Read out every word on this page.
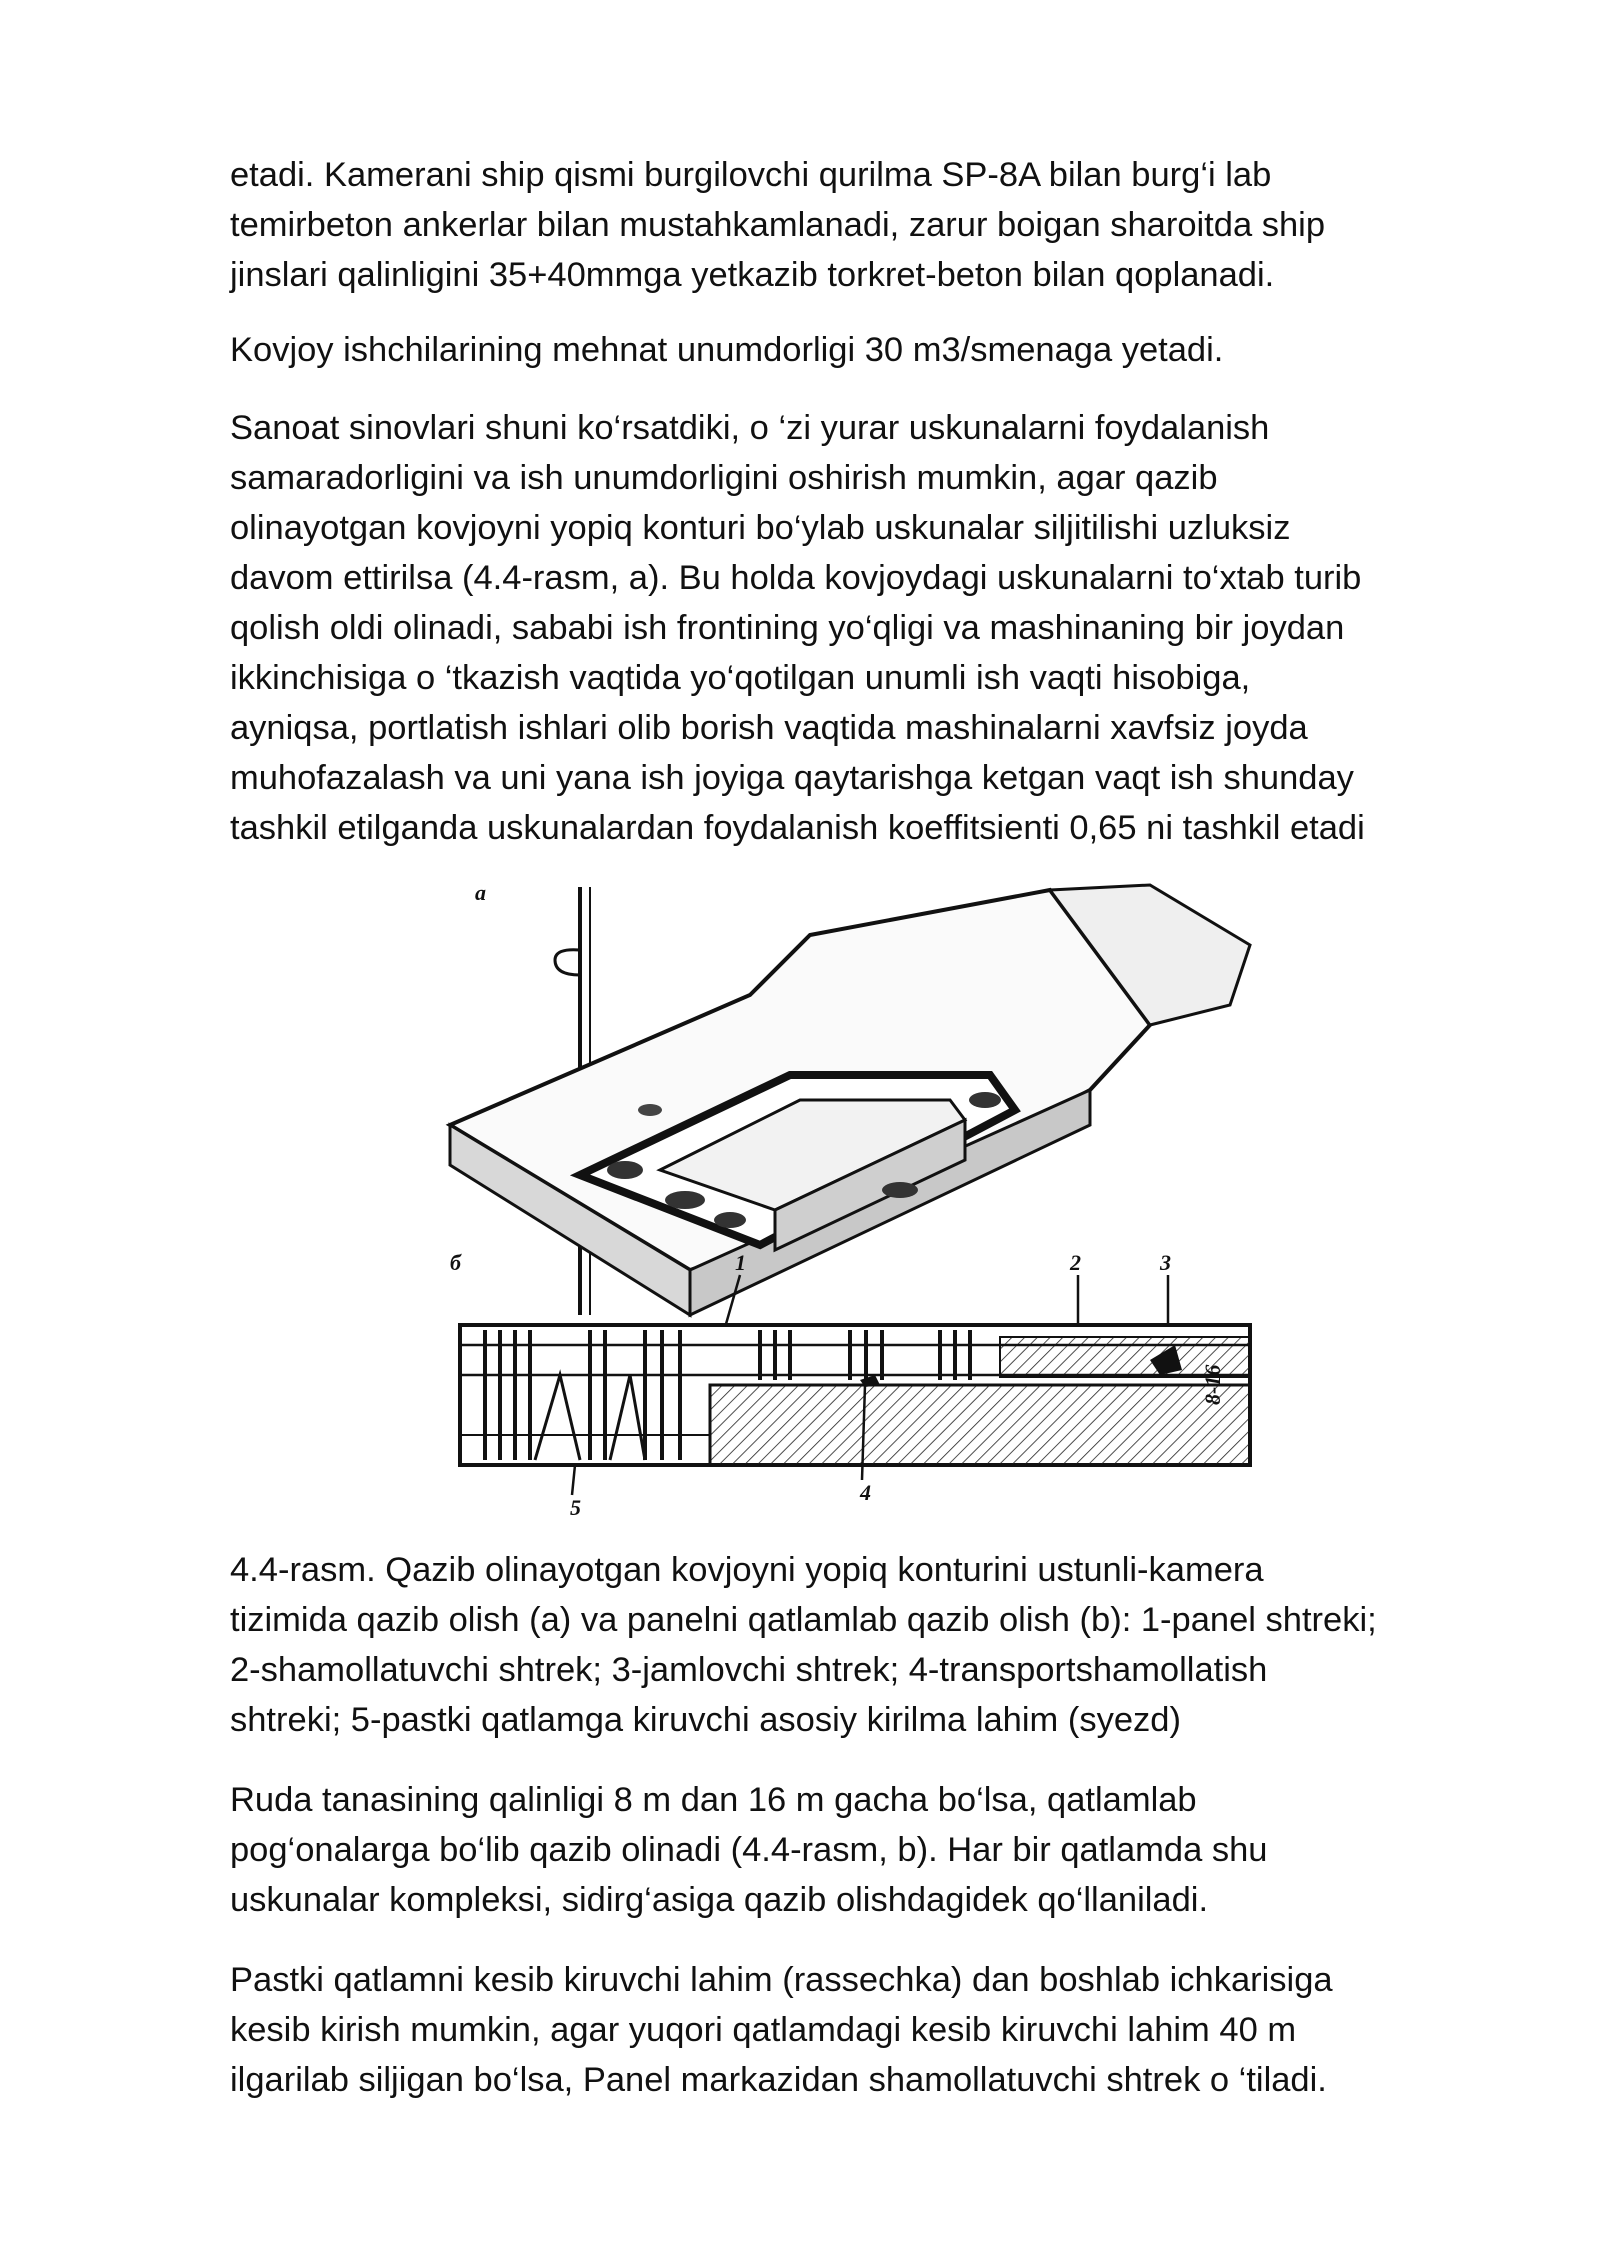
etadi. Kamerani ship qismi burgilovchi qurilma SP-8A bilan burg‘i lab
temirbeton ankerlar bilan mustahkamlanadi, zarur boigan sharoitda ship
jinslari qalinligini 35+40mmga yetkazib torkret-beton bilan qoplanadi.

Kovjoy ishchilarining mehnat unumdorligi 30 m3/smenaga yetadi.

Sanoat sinovlari shuni ko‘rsatdiki, o ‘zi yurar uskunalarni foydalanish
samaradorligini va ish unumdorligini oshirish mumkin, agar qazib
olinayotgan kovjoyni yopiq konturi bo‘ylab uskunalar siljitilishi uzluksiz
davom ettirilsa (4.4-rasm, a). Bu holda kovjoydagi uskunalarni to‘xtab turib
qolish oldi olinadi, sababi ish frontining yo‘qligi va mashinaning bir joydan
ikkinchisiga o ‘tkazish vaqtida yo‘qotilgan unumli ish vaqti hisobiga,
ayniqsa, portlatish ishlari olib borish vaqtida mashinalarni xavfsiz joyda
muhofazalash va uni yana ish joyiga qaytarishga ketgan vaqt ish shunday
tashkil etilganda uskunalardan foydalanish koeffitsienti 0,65 ni tashkil etadi

a
б	1	2	3
8-16
5
4

4.4-rasm. Qazib olinayotgan kovjoyni yopiq konturini ustunli-kamera
tizimida qazib olish (a) va panelni qatlamlab qazib olish (b): 1-panel shtreki;
2-shamollatuvchi shtrek; 3-jamlovchi shtrek; 4-transportshamollatish
shtreki; 5-pastki qatlamga kiruvchi asosiy kirilma lahim (syezd)

Ruda tanasining qalinligi 8 m dan 16 m gacha bo‘lsa, qatlamlab
pog‘onalarga bo‘lib qazib olinadi (4.4-rasm, b). Har bir qatlamda shu
uskunalar kompleksi, sidirg‘asiga qazib olishdagidek qo‘llaniladi.

Pastki qatlamni kesib kiruvchi lahim (rassechka) dan boshlab ichkarisiga
kesib kirish mumkin, agar yuqori qatlamdagi kesib kiruvchi lahim 40 m
ilgarilab siljigan bo‘lsa, Panel markazidan shamollatuvchi shtrek o ‘tiladi.
